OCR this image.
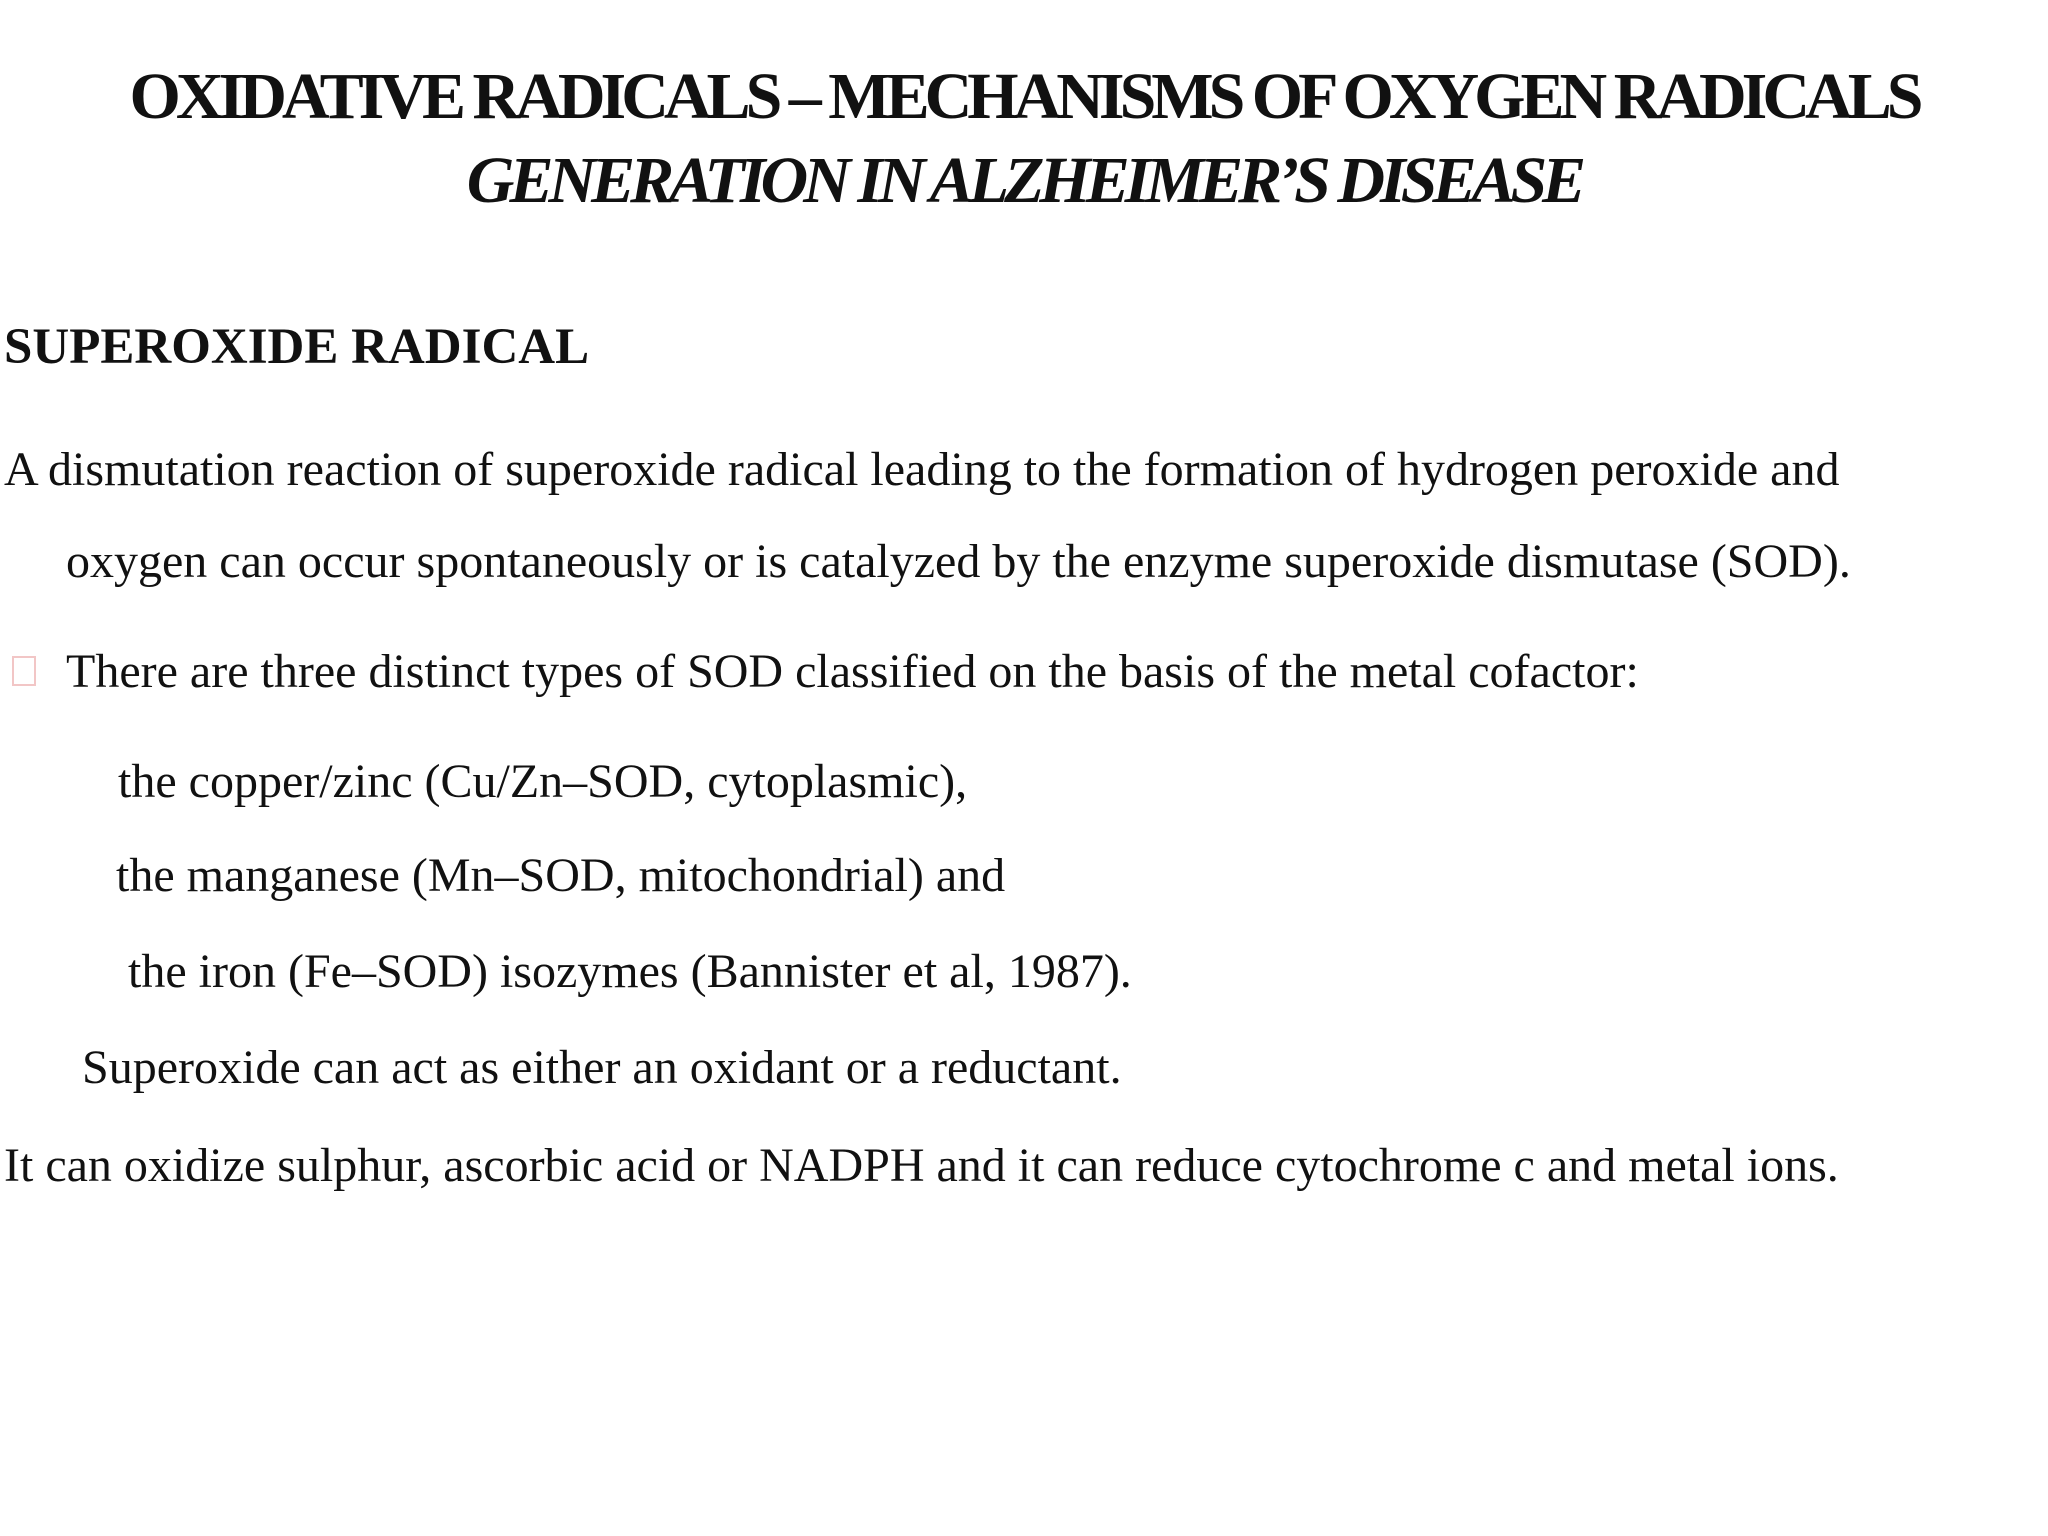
OXIDATIVE RADICALS – MECHANISMS OF OXYGEN RADICALS
GENERATION IN ALZHEIMER’S DISEASE
SUPEROXIDE RADICAL
A dismutation reaction of superoxide radical leading to the formation of hydrogen peroxide and
oxygen can occur spontaneously or is catalyzed by the enzyme superoxide dismutase (SOD).
There are three distinct types of SOD classified on the basis of the metal cofactor:
the copper/zinc (Cu/Zn–SOD, cytoplasmic),
the manganese (Mn–SOD, mitochondrial) and
the iron (Fe–SOD) isozymes (Bannister et al, 1987).
Superoxide can act as either an oxidant or a reductant.
It can oxidize sulphur, ascorbic acid or NADPH and it can reduce cytochrome c and metal ions.
